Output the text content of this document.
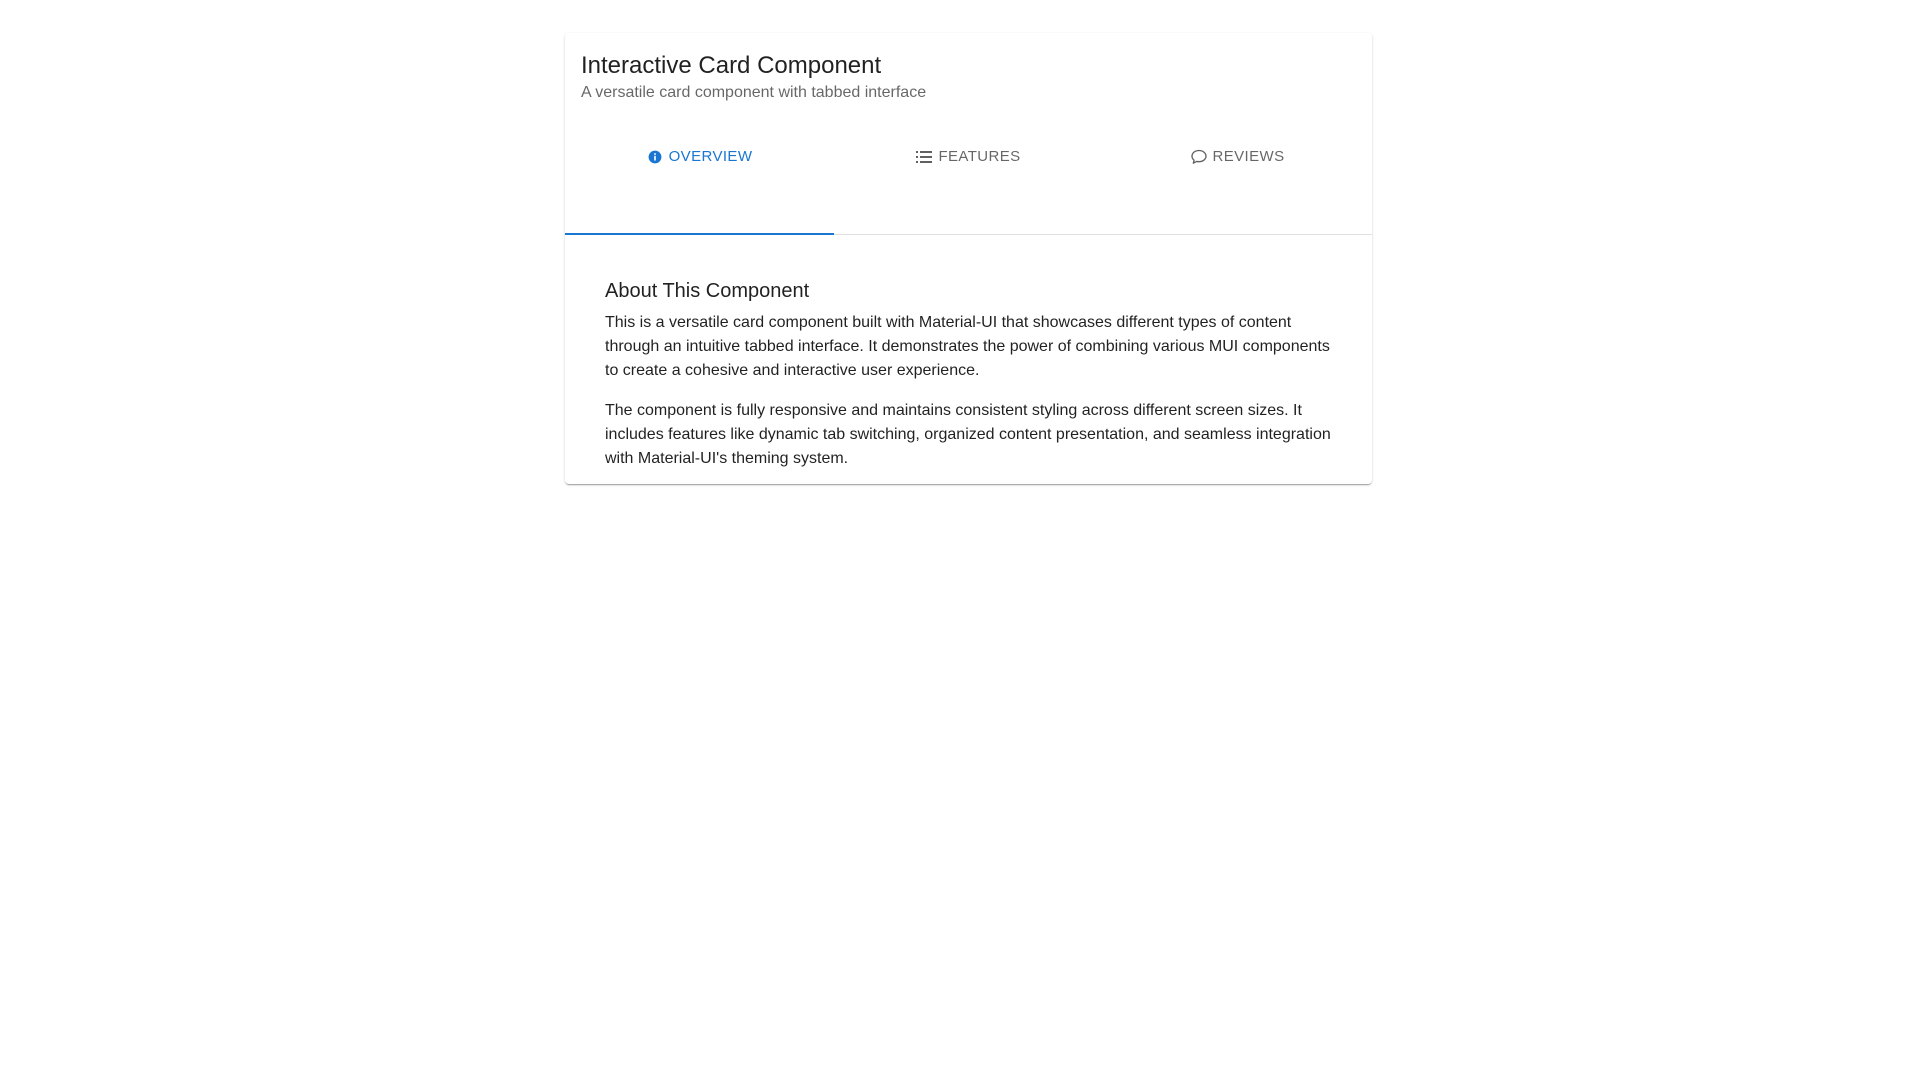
Interactive Card Component

A versatile card component with tabbed interface

OVERVIEW	FEATURES	REVIEWS
About This Component

This is a versatile card component built with Material-UI that showcases different types of content through an intuitive tabbed interface. It demonstrates the power of combining various MUI components to create a cohesive and interactive user experience.

The component is fully responsive and maintains consistent styling across different screen sizes. It includes features like dynamic tab switching, organized content presentation, and seamless integration with Material-UI's theming system.
